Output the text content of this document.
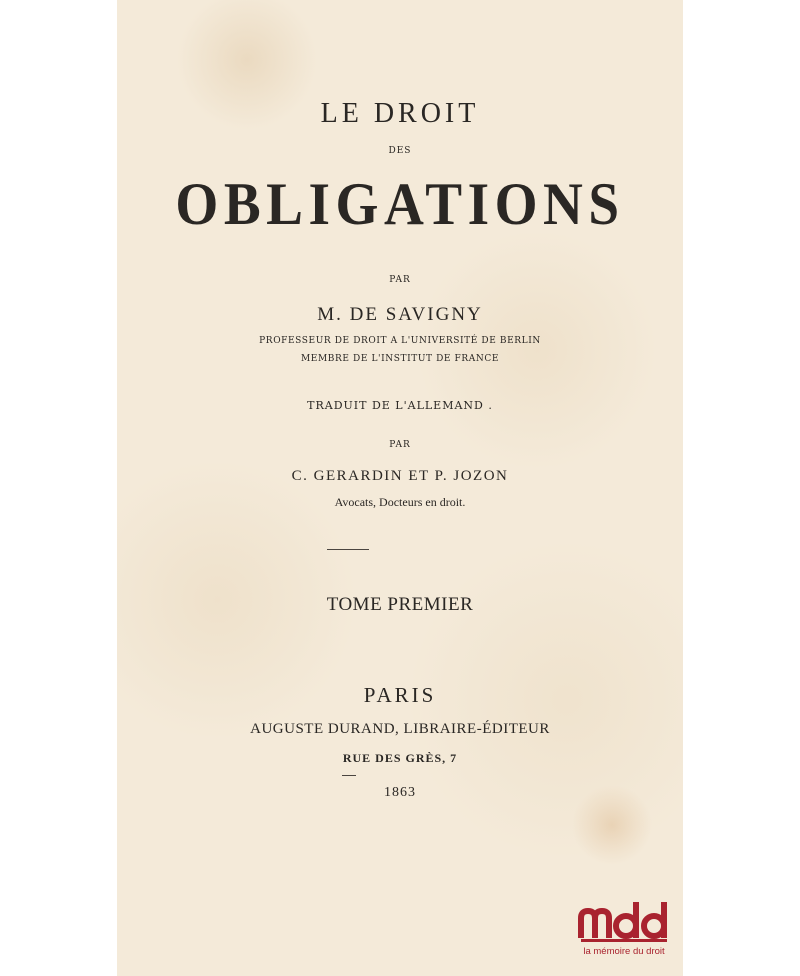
LE DROIT
DES
OBLIGATIONS
PAR
M. DE SAVIGNY
PROFESSEUR DE DROIT A L'UNIVERSITÉ DE BERLIN
MEMBRE DE L'INSTITUT DE FRANCE
TRADUIT DE L'ALLEMAND .
PAR
C. GERARDIN ET P. JOZON
Avocats, Docteurs en droit.
TOME PREMIER
PARIS
AUGUSTE DURAND, LIBRAIRE-ÉDITEUR
RUE DES GRÈS, 7
1863
la mémoire du droit
